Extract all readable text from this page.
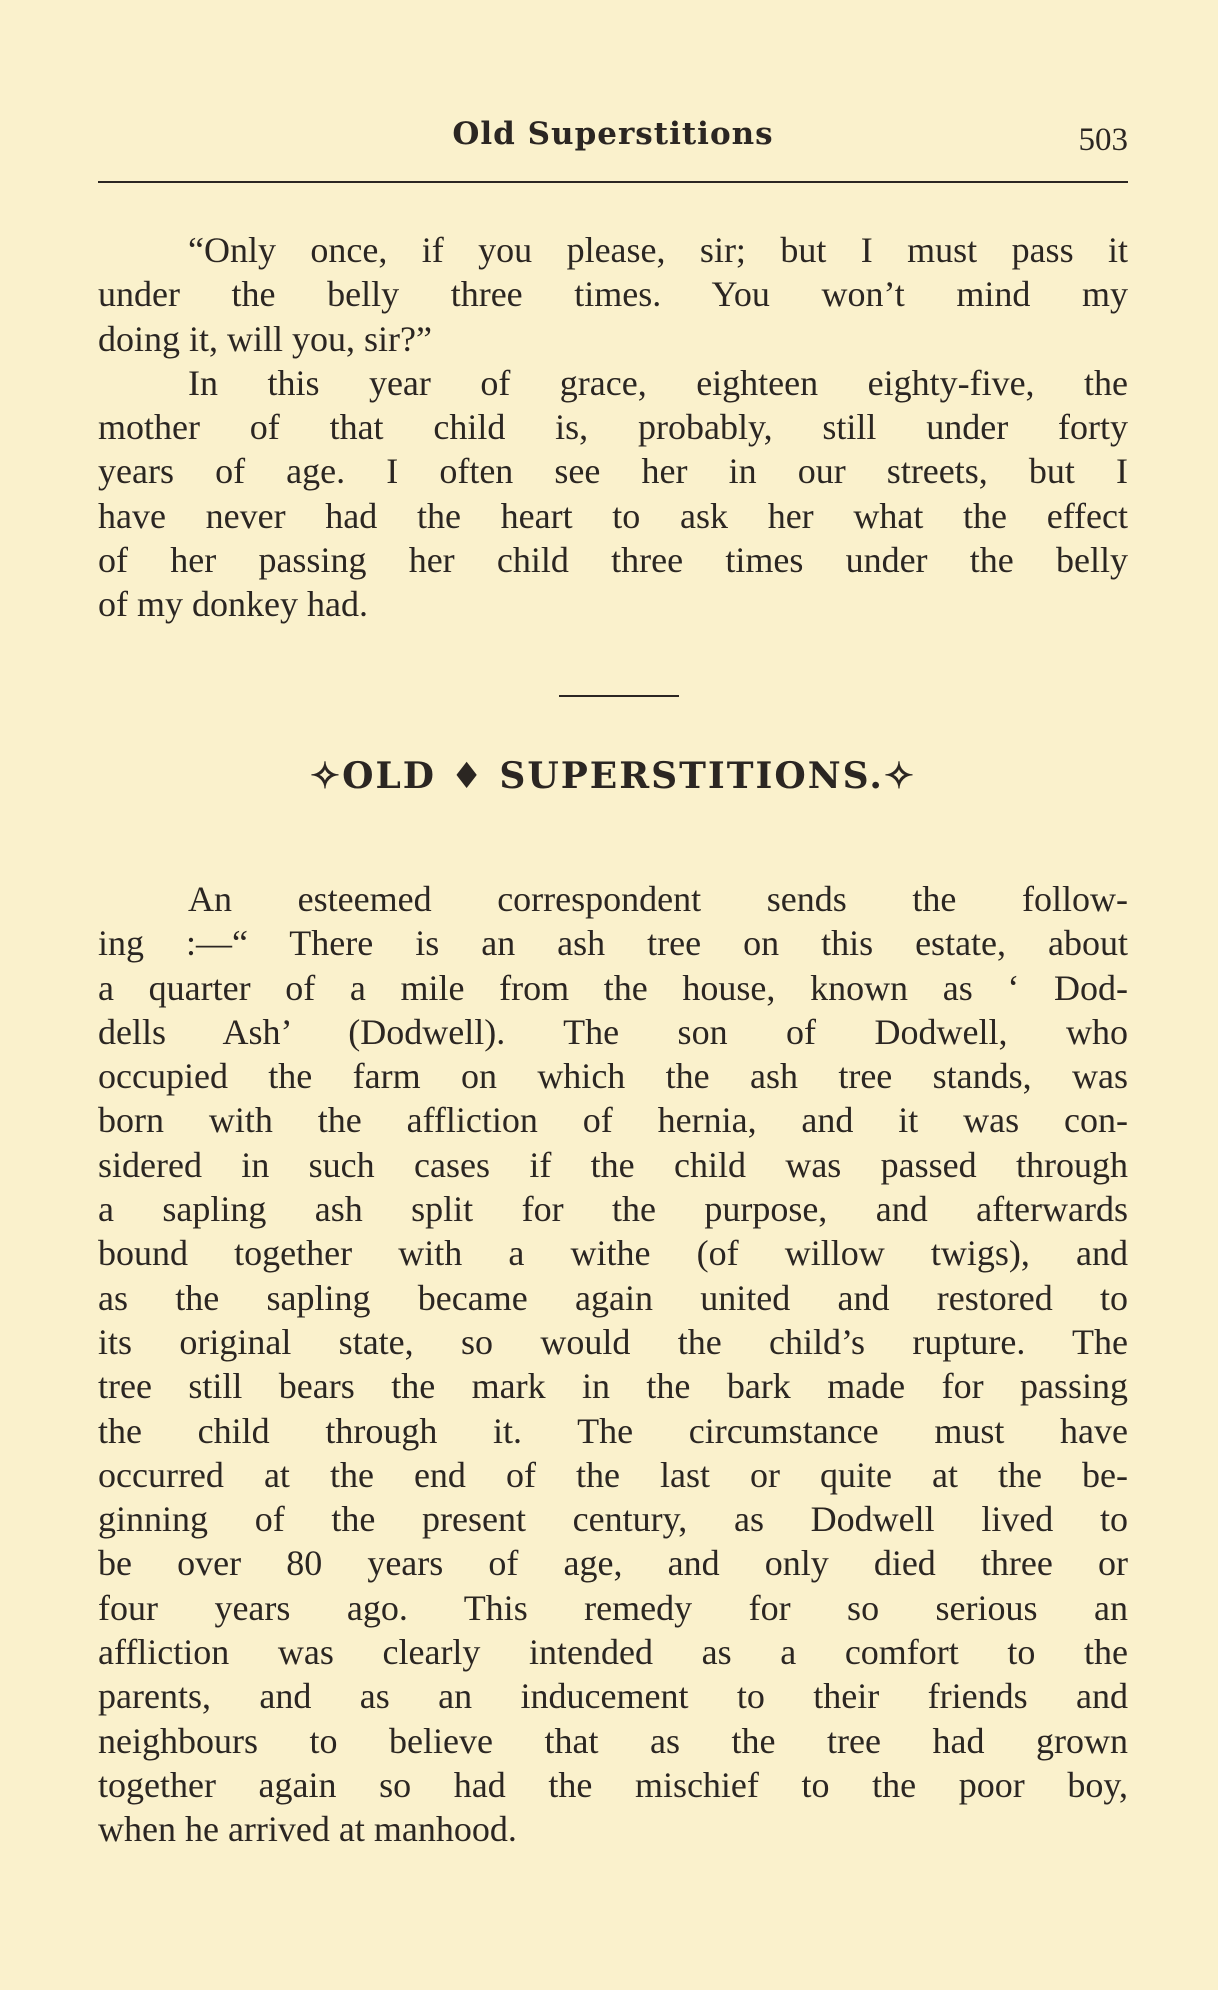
Old Superstitions	503
“Only once, if you please, sir; but I must pass it
under the belly three times. You won’t mind my
doing it, will you, sir?”
In this year of grace, eighteen eighty-five, the
mother of that child is, probably, still under forty
years of age. I often see her in our streets, but I
have never had the heart to ask her what the effect
of her passing her child three times under the belly
of my donkey had.
✧OLD ♦ SUPERSTITIONS.✧
An esteemed correspondent sends the follow-
ing :—“ There is an ash tree on this estate, about
a quarter of a mile from the house, known as ‘ Dod-
dells Ash’ (Dodwell). The son of Dodwell, who
occupied the farm on which the ash tree stands, was
born with the affliction of hernia, and it was con-
sidered in such cases if the child was passed through
a sapling ash split for the purpose, and afterwards
bound together with a withe (of willow twigs), and
as the sapling became again united and restored to
its original state, so would the child’s rupture. The
tree still bears the mark in the bark made for passing
the child through it. The circumstance must have
occurred at the end of the last or quite at the be-
ginning of the present century, as Dodwell lived to
be over 80 years of age, and only died three or
four years ago. This remedy for so serious an
affliction was clearly intended as a comfort to the
parents, and as an inducement to their friends and
neighbours to believe that as the tree had grown
together again so had the mischief to the poor boy,
when he arrived at manhood.
